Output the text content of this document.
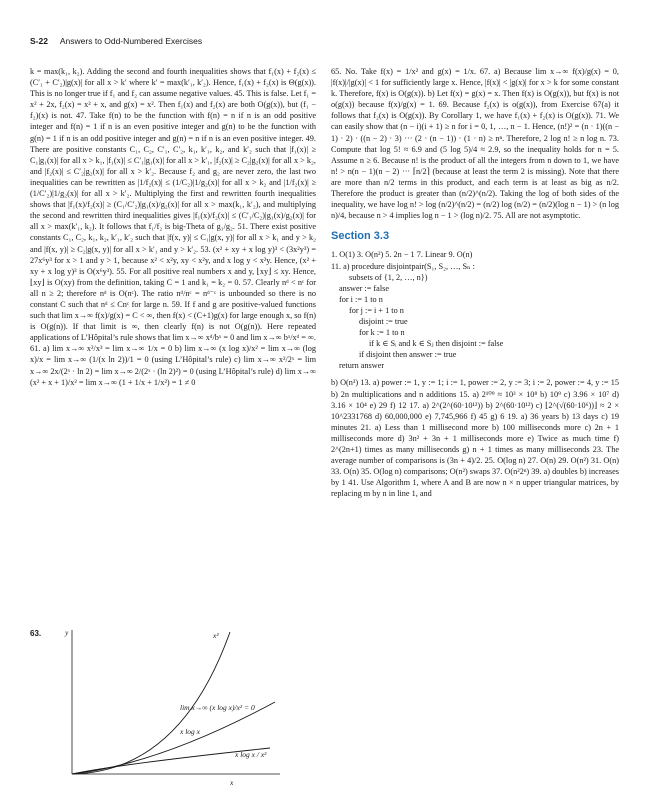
S-22 Answers to Odd-Numbered Exercises

k = max(k₁, k₂). Adding the second and fourth inequalities shows that f₁(x) + f₂(x) ≤ (C′₁ + C′₂)|g(x)| for all x > k′ where k′ = max(k′₁, k′₂). Hence, f₁(x) + f₂(x) is Θ(g(x)). This is no longer true if f₁ and f₂ can assume negative values. 45. This is false. Let f₁ = x² + 2x, f₂(x) = x² + x, and g(x) = x². Then f₁(x) and f₂(x) are both O(g(x)), but (f₁ − f₂)(x) is not. 47. Take f(n) to be the function with f(n) = n if n is an odd positive integer and f(n) = 1 if n is an even positive integer and g(n) to be the function with g(n) = 1 if n is an odd positive integer and g(n) = n if n is an even positive integer. 49. There are positive constants C₁, C₂, C′₁, C′₂, k₁, k′₁, k₂, and k′₂ such that |f₁(x)| ≥ C₁|g₁(x)| for all x > k₁, |f₁(x)| ≤ C′₁|g₁(x)| for all x > k′₁, |f₂(x)| ≥ C₂|g₂(x)| for all x > k₂, and |f₂(x)| ≤ C′₂|g₂(x)| for all x > k′₂. Because f₂ and g₂ are never zero, the last two inequalities can be rewritten as |1/f₂(x)| ≤ (1/C₂)|1/g₂(x)| for all x > k₂ and |1/f₂(x)| ≥ (1/C′₂)|1/g₂(x)| for all x > k′₂. Multiplying the first and rewritten fourth inequalities shows that |f₁(x)/f₂(x)| ≥ (C₁/C′₂)|g₁(x)/g₂(x)| for all x > max(k₁, k′₂), and multiplying the second and rewritten third inequalities gives |f₁(x)/f₂(x)| ≤ (C′₁/C₂)|g₁(x)/g₂(x)| for all x > max(k′₁, k₂). It follows that f₁/f₂ is big-Theta of g₁/g₂. 51. There exist positive constants C₁, C₂, k₁, k₂, k′₁, k′₂ such that |f(x, y)| ≤ C₁|g(x, y)| for all x > k₁ and y > k₂ and |f(x, y)| ≥ C₂|g(x, y)| for all x > k′₁ and y > k′₂. 53. (x² + xy + x log y)³ < (3x²y³) = 27x⁶y³ for x > 1 and y > 1, because x² < x²y, xy < x²y, and x log y < x²y. Hence, (x² + xy + x log y)³ is O(x⁶y³). 55. For all positive real numbers x and y, ⌊xy⌋ ≤ xy. Hence, ⌊xy⌋ is O(xy) from the definition, taking C = 1 and k₁ = k₂ = 0. 57. Clearly nᵈ < nᶜ for all n ≥ 2; therefore nᵈ is O(nᶜ). The ratio nᵈ/nᶜ = nᵈ⁻ᶜ is unbounded so there is no constant C such that nᵈ ≤ Cnᶜ for large n. 59. If f and g are positive-valued functions such that lim x→∞ f(x)/g(x) = C < ∞, then f(x) < (C+1)g(x) for large enough x, so f(n) is O(g(n)). If that limit is ∞, then clearly f(n) is not O(g(n)). Here repeated applications of L’Hôpital’s rule shows that lim x→∞ xᵈ/bˣ = 0 and lim x→∞ bˣ/xᵈ = ∞. 61. a) lim x→∞ x²/x³ = lim x→∞ 1/x = 0 b) lim x→∞ (x log x)/x² = lim x→∞ (log x)/x = lim x→∞ (1/(x ln 2))/1 = 0 (using L’Hôpital’s rule) c) lim x→∞ x²/2ˣ = lim x→∞ 2x/(2ˣ · ln 2) = lim x→∞ 2/(2ˣ · (ln 2)²) = 0 (using L’Hôpital’s rule) d) lim x→∞ (x² + x + 1)/x² = lim x→∞ (1 + 1/x + 1/x²) = 1 ≠ 0

63.	y
x
x²
x log x
x log x / x²
lim x→∞ (x log x)/x² = 0

65. No. Take f(x) = 1/x² and g(x) = 1/x. 67. a) Because lim x→∞ f(x)/g(x) = 0, |f(x)|/|g(x)| < 1 for sufficiently large x. Hence, |f(x)| < |g(x)| for x > k for some constant k. Therefore, f(x) is O(g(x)). b) Let f(x) = g(x) = x. Then f(x) is O(g(x)), but f(x) is not o(g(x)) because f(x)/g(x) = 1. 69. Because f₂(x) is o(g(x)), from Exercise 67(a) it follows that f₂(x) is O(g(x)). By Corollary 1, we have f₁(x) + f₂(x) is O(g(x)). 71. We can easily show that (n − i)(i + 1) ≥ n for i = 0, 1, …, n − 1. Hence, (n!)² = (n · 1)((n − 1) · 2) · ((n − 2) · 3) ··· (2 · (n − 1)) · (1 · n) ≥ nⁿ. Therefore, 2 log n! ≥ n log n. 73. Compute that log 5! ≈ 6.9 and (5 log 5)/4 ≈ 2.9, so the inequality holds for n = 5. Assume n ≥ 6. Because n! is the product of all the integers from n down to 1, we have n! > n(n − 1)(n − 2) ··· ⌈n/2⌉ (because at least the term 2 is missing). Note that there are more than n/2 terms in this product, and each term is at least as big as n/2. Therefore the product is greater than (n/2)^(n/2). Taking the log of both sides of the inequality, we have log n! > log (n/2)^(n/2) = (n/2) log (n/2) = (n/2)(log n − 1) > (n log n)/4, because n > 4 implies log n − 1 > (log n)/2. 75. All are not asymptotic.

Section 3.3

1. O(1) 3. O(n²) 5. 2n − 1 7. Linear 9. O(n)

11. a) procedure disjointpair(S₁, S₂, …, Sₙ :
subsets of {1, 2, …, n})
answer := false
for i := 1 to n
for j := i + 1 to n
disjoint := true
for k := 1 to n
if k ∈ Sᵢ and k ∈ Sⱼ then disjoint := false
if disjoint then answer := true
return answer

b) O(n³) 13. a) power := 1, y := 1; i := 1, power := 2, y := 3; i := 2, power := 4, y := 15 b) 2n multiplications and n additions 15. a) 2¹⁰⁹ ≈ 10³ × 10⁸ b) 10⁹ c) 3.96 × 10⁷ d) 3.16 × 10⁴ e) 29 f) 12 17. a) 2^(2^(60·10¹²)) b) 2^(60·10¹²) c) ⌊2^(√(60·10⁶))⌋ ≈ 2 × 10^2331768 d) 60,000,000 e) 7,745,966 f) 45 g) 6 19. a) 36 years b) 13 days c) 19 minutes 21. a) Less than 1 millisecond more b) 100 milliseconds more c) 2n + 1 milliseconds more d) 3n² + 3n + 1 milliseconds more e) Twice as much time f) 2^(2n+1) times as many milliseconds g) n + 1 times as many milliseconds 23. The average number of comparisons is (3n + 4)/2. 25. O(log n) 27. O(n) 29. O(n²) 31. O(n) 33. O(n) 35. O(log n) comparisons; O(n²) swaps 37. O(n²2ⁿ) 39. a) doubles b) increases by 1 41. Use Algorithm 1, where A and B are now n × n upper triangular matrices, by replacing m by n in line 1, and
